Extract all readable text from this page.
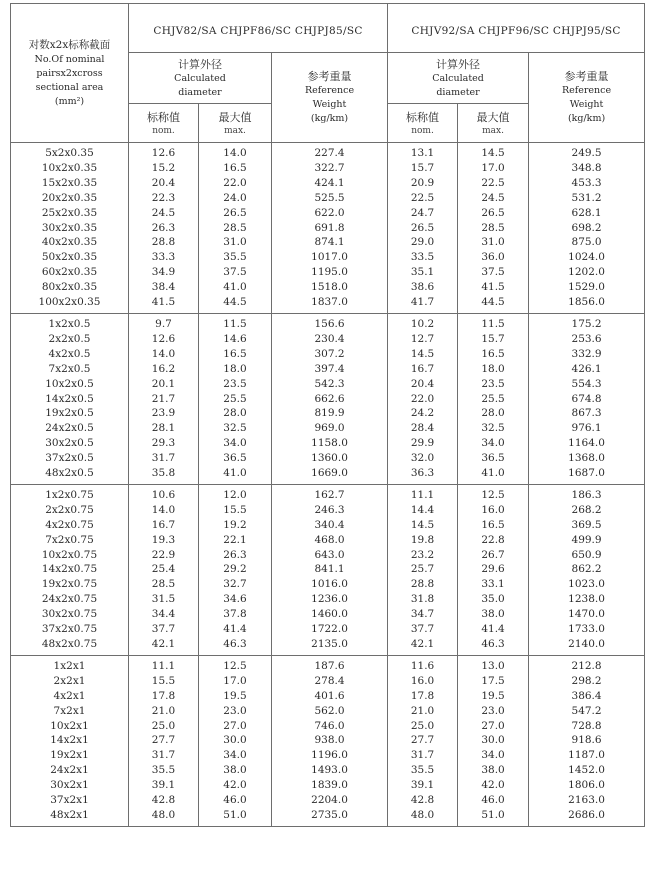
对数x2x标称截面
No.Of nominal
pairsx2xcross
sectional area
(mm²)	CHJV82/SA CHJPF86/SC CHJPJ85/SC			CHJV92/SA CHJPF96/SC CHJPJ95/SC		

	计算外径
Calculated
diameter		参考重量
Reference
Weight
(kg/km)	计算外径
Calculated
diameter		参考重量
Reference
Weight
(kg/km)

	标称值
nom.	最大值
max.		标称值
nom.	最大值
max.	

5x2x0.35	12.6	14.0	227.4	13.1	14.5	249.5
10x2x0.35	15.2	16.5	322.7	15.7	17.0	348.8
15x2x0.35	20.4	22.0	424.1	20.9	22.5	453.3
20x2x0.35	22.3	24.0	525.5	22.5	24.5	531.2
25x2x0.35	24.5	26.5	622.0	24.7	26.5	628.1
30x2x0.35	26.3	28.5	691.8	26.5	28.5	698.2
40x2x0.35	28.8	31.0	874.1	29.0	31.0	875.0
50x2x0.35	33.3	35.5	1017.0	33.5	36.0	1024.0
60x2x0.35	34.9	37.5	1195.0	35.1	37.5	1202.0
80x2x0.35	38.4	41.0	1518.0	38.6	41.5	1529.0
100x2x0.35	41.5	44.5	1837.0	41.7	44.5	1856.0
1x2x0.5	9.7	11.5	156.6	10.2	11.5	175.2
2x2x0.5	12.6	14.6	230.4	12.7	15.7	253.6
4x2x0.5	14.0	16.5	307.2	14.5	16.5	332.9
7x2x0.5	16.2	18.0	397.4	16.7	18.0	426.1
10x2x0.5	20.1	23.5	542.3	20.4	23.5	554.3
14x2x0.5	21.7	25.5	662.6	22.0	25.5	674.8
19x2x0.5	23.9	28.0	819.9	24.2	28.0	867.3
24x2x0.5	28.1	32.5	969.0	28.4	32.5	976.1
30x2x0.5	29.3	34.0	1158.0	29.9	34.0	1164.0
37x2x0.5	31.7	36.5	1360.0	32.0	36.5	1368.0
48x2x0.5	35.8	41.0	1669.0	36.3	41.0	1687.0
1x2x0.75	10.6	12.0	162.7	11.1	12.5	186.3
2x2x0.75	14.0	15.5	246.3	14.4	16.0	268.2
4x2x0.75	16.7	19.2	340.4	14.5	16.5	369.5
7x2x0.75	19.3	22.1	468.0	19.8	22.8	499.9
10x2x0.75	22.9	26.3	643.0	23.2	26.7	650.9
14x2x0.75	25.4	29.2	841.1	25.7	29.6	862.2
19x2x0.75	28.5	32.7	1016.0	28.8	33.1	1023.0
24x2x0.75	31.5	34.6	1236.0	31.8	35.0	1238.0
30x2x0.75	34.4	37.8	1460.0	34.7	38.0	1470.0
37x2x0.75	37.7	41.4	1722.0	37.7	41.4	1733.0
48x2x0.75	42.1	46.3	2135.0	42.1	46.3	2140.0
1x2x1	11.1	12.5	187.6	11.6	13.0	212.8
2x2x1	15.5	17.0	278.4	16.0	17.5	298.2
4x2x1	17.8	19.5	401.6	17.8	19.5	386.4
7x2x1	21.0	23.0	562.0	21.0	23.0	547.2
10x2x1	25.0	27.0	746.0	25.0	27.0	728.8
14x2x1	27.7	30.0	938.0	27.7	30.0	918.6
19x2x1	31.7	34.0	1196.0	31.7	34.0	1187.0
24x2x1	35.5	38.0	1493.0	35.5	38.0	1452.0
30x2x1	39.1	42.0	1839.0	39.1	42.0	1806.0
37x2x1	42.8	46.0	2204.0	42.8	46.0	2163.0
48x2x1	48.0	51.0	2735.0	48.0	51.0	2686.0
